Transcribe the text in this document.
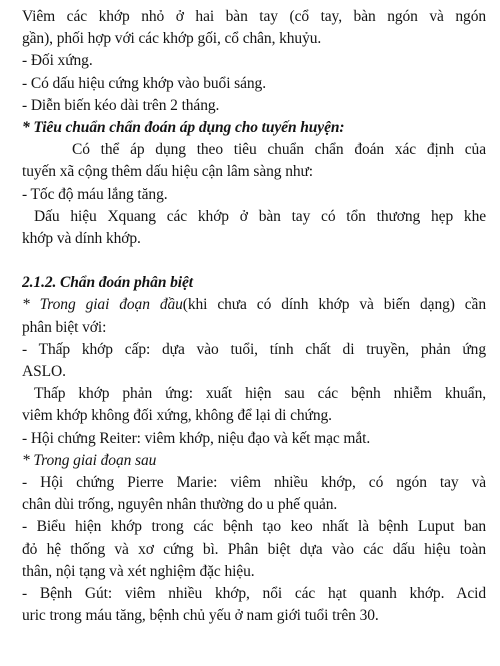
Viêm các khớp nhỏ ở hai bàn tay (cổ tay, bàn ngón và ngón
gần), phối hợp với các khớp gối, cổ chân, khuỷu.
- Đối xứng.
- Có dấu hiệu cứng khớp vào buổi sáng.
- Diễn biến kéo dài trên 2 tháng.
* Tiêu chuẩn chẩn đoán áp dụng cho tuyến huyện:
Có thể áp dụng theo tiêu chuẩn chẩn đoán xác định của
tuyến xã cộng thêm dấu hiệu cận lâm sàng như:
- Tốc độ máu lắng tăng.
Dấu hiệu Xquang các khớp ở bàn tay có tổn thương hẹp khe
khớp và dính khớp.
2.1.2. Chẩn đoán phân biệt
* Trong giai đoạn đầu(khi chưa có dính khớp và biến dạng) cần
phân biệt với:
- Thấp khớp cấp: dựa vào tuổi, tính chất di truyền, phản ứng
ASLO.
Thấp khớp phản ứng: xuất hiện sau các bệnh nhiễm khuẩn,
viêm khớp không đối xứng, không để lại di chứng.
- Hội chứng Reiter: viêm khớp, niệu đạo và kết mạc mắt.
* Trong giai đoạn sau
- Hội chứng Pierre Marie: viêm nhiều khớp, có ngón tay và
chân dùi trống, nguyên nhân thường do u phế quản.
- Biểu hiện khớp trong các bệnh tạo keo nhất là bệnh Luput ban
đỏ hệ thống và xơ cứng bì. Phân biệt dựa vào các dấu hiệu toàn
thân, nội tạng và xét nghiệm đặc hiệu.
- Bệnh Gút: viêm nhiều khớp, nổi các hạt quanh khớp. Acid
uric trong máu tăng, bệnh chủ yếu ở nam giới tuổi trên 30.
